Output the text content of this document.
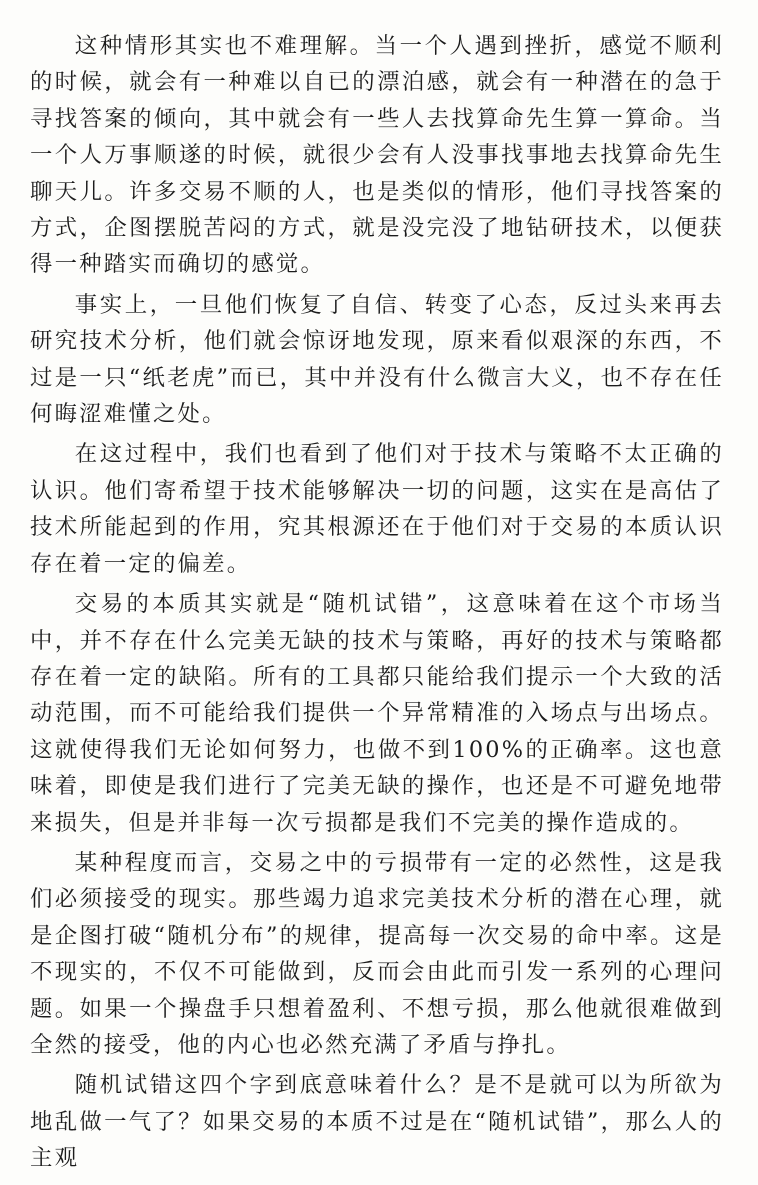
这种情形其实也不难理解。当一个人遇到挫折，感觉不顺利的时候，就会有一种难以自已的漂泊感，就会有一种潜在的急于寻找答案的倾向，其中就会有一些人去找算命先生算一算命。当一个人万事顺遂的时候，就很少会有人没事找事地去找算命先生聊天儿。许多交易不顺的人，也是类似的情形，他们寻找答案的方式，企图摆脱苦闷的方式，就是没完没了地钻研技术，以便获得一种踏实而确切的感觉。

事实上，一旦他们恢复了自信、转变了心态，反过头来再去研究技术分析，他们就会惊讶地发现，原来看似艰深的东西，不过是一只“纸老虎”而已，其中并没有什么微言大义，也不存在任何晦涩难懂之处。

在这过程中，我们也看到了他们对于技术与策略不太正确的认识。他们寄希望于技术能够解决一切的问题，这实在是高估了技术所能起到的作用，究其根源还在于他们对于交易的本质认识存在着一定的偏差。

交易的本质其实就是“随机试错”，这意味着在这个市场当中，并不存在什么完美无缺的技术与策略，再好的技术与策略都存在着一定的缺陷。所有的工具都只能给我们提示一个大致的活动范围，而不可能给我们提供一个异常精准的入场点与出场点。这就使得我们无论如何努力，也做不到100%的正确率。这也意味着，即使是我们进行了完美无缺的操作，也还是不可避免地带来损失，但是并非每一次亏损都是我们不完美的操作造成的。

某种程度而言，交易之中的亏损带有一定的必然性，这是我们必须接受的现实。那些竭力追求完美技术分析的潜在心理，就是企图打破“随机分布”的规律，提高每一次交易的命中率。这是不现实的，不仅不可能做到，反而会由此而引发一系列的心理问题。如果一个操盘手只想着盈利、不想亏损，那么他就很难做到全然的接受，他的内心也必然充满了矛盾与挣扎。

随机试错这四个字到底意味着什么？是不是就可以为所欲为地乱做一气了？如果交易的本质不过是在“随机试错”，那么人的主观
